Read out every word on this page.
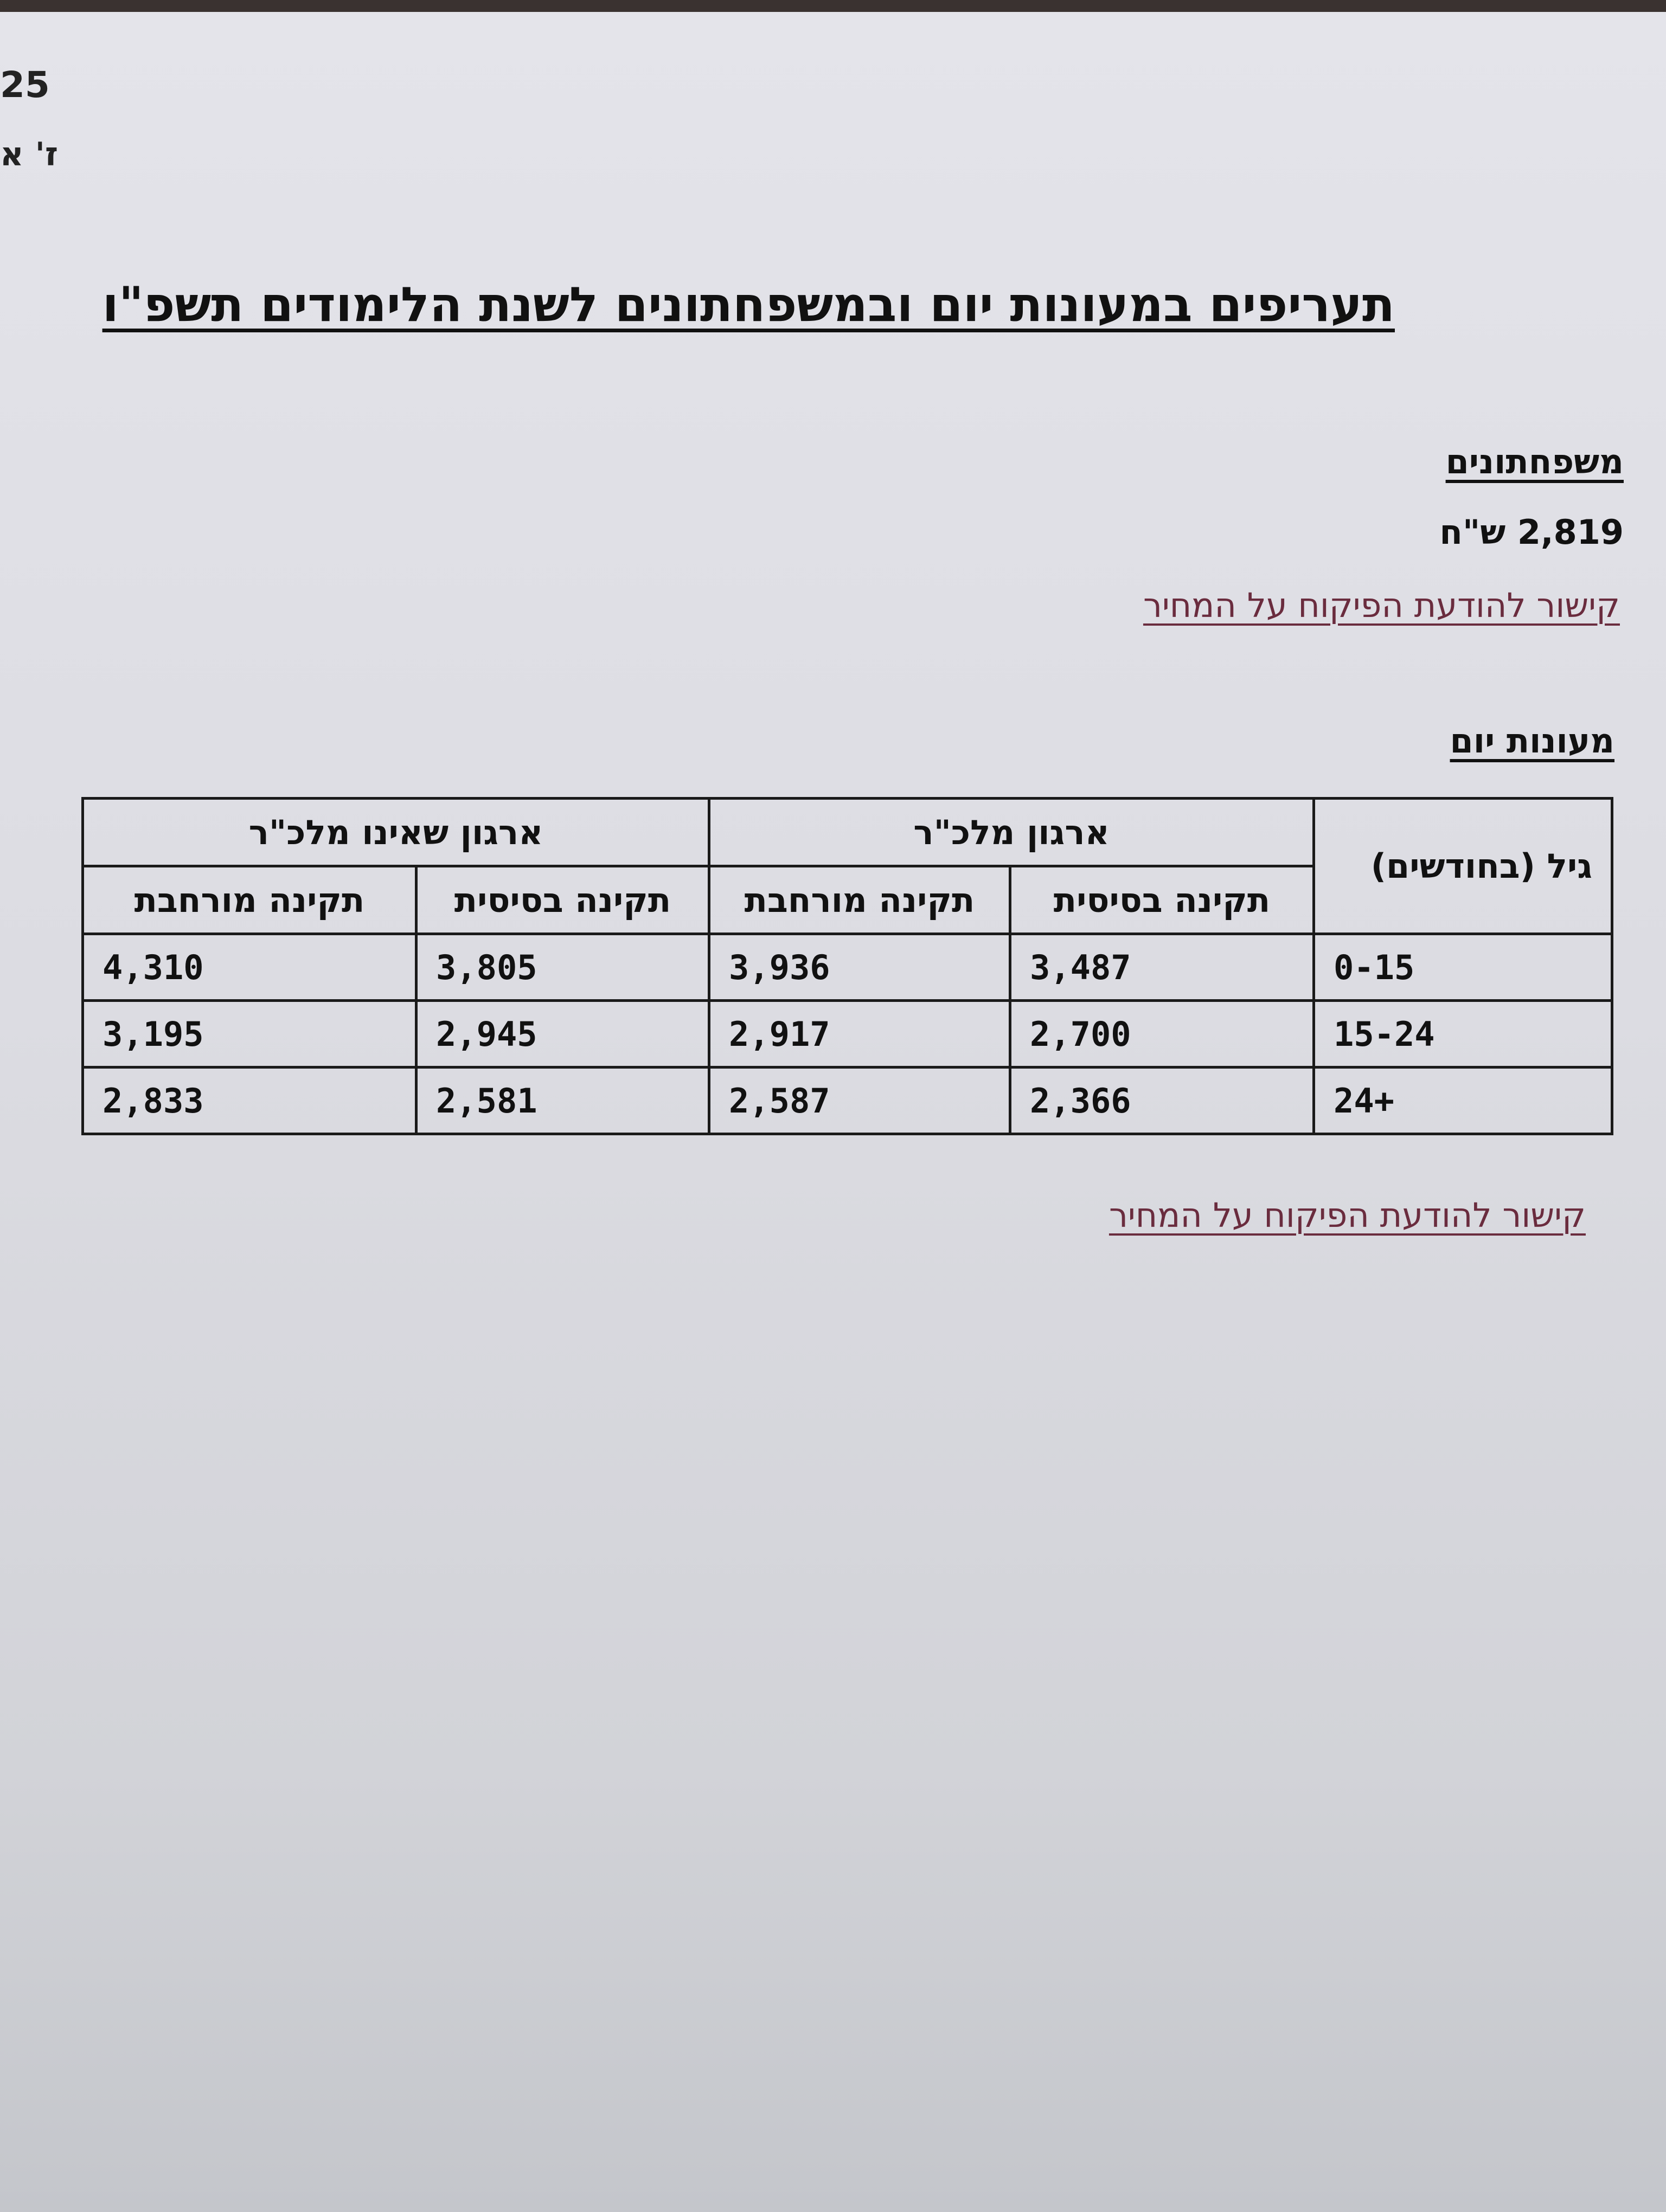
25
ז' א
תעריפים במעונות יום ובמשפחתונים לשנת הלימודים תשפ"ו
משפחתונים
2,819 ש"ח
קישור להודעת הפיקוח על המחיר
מעונות יום
גיל (בחודשים)	ארגון מלכ"ר		ארגון שאינו מלכ"ר	
	תקינה בסיסית	תקינה מורחבת	תקינה בסיסית	תקינה מורחבת
0-15	3,487	3,936	3,805	4,310
15-24	2,700	2,917	2,945	3,195
+24	2,366	2,587	2,581	2,833
קישור להודעת הפיקוח על המחיר
